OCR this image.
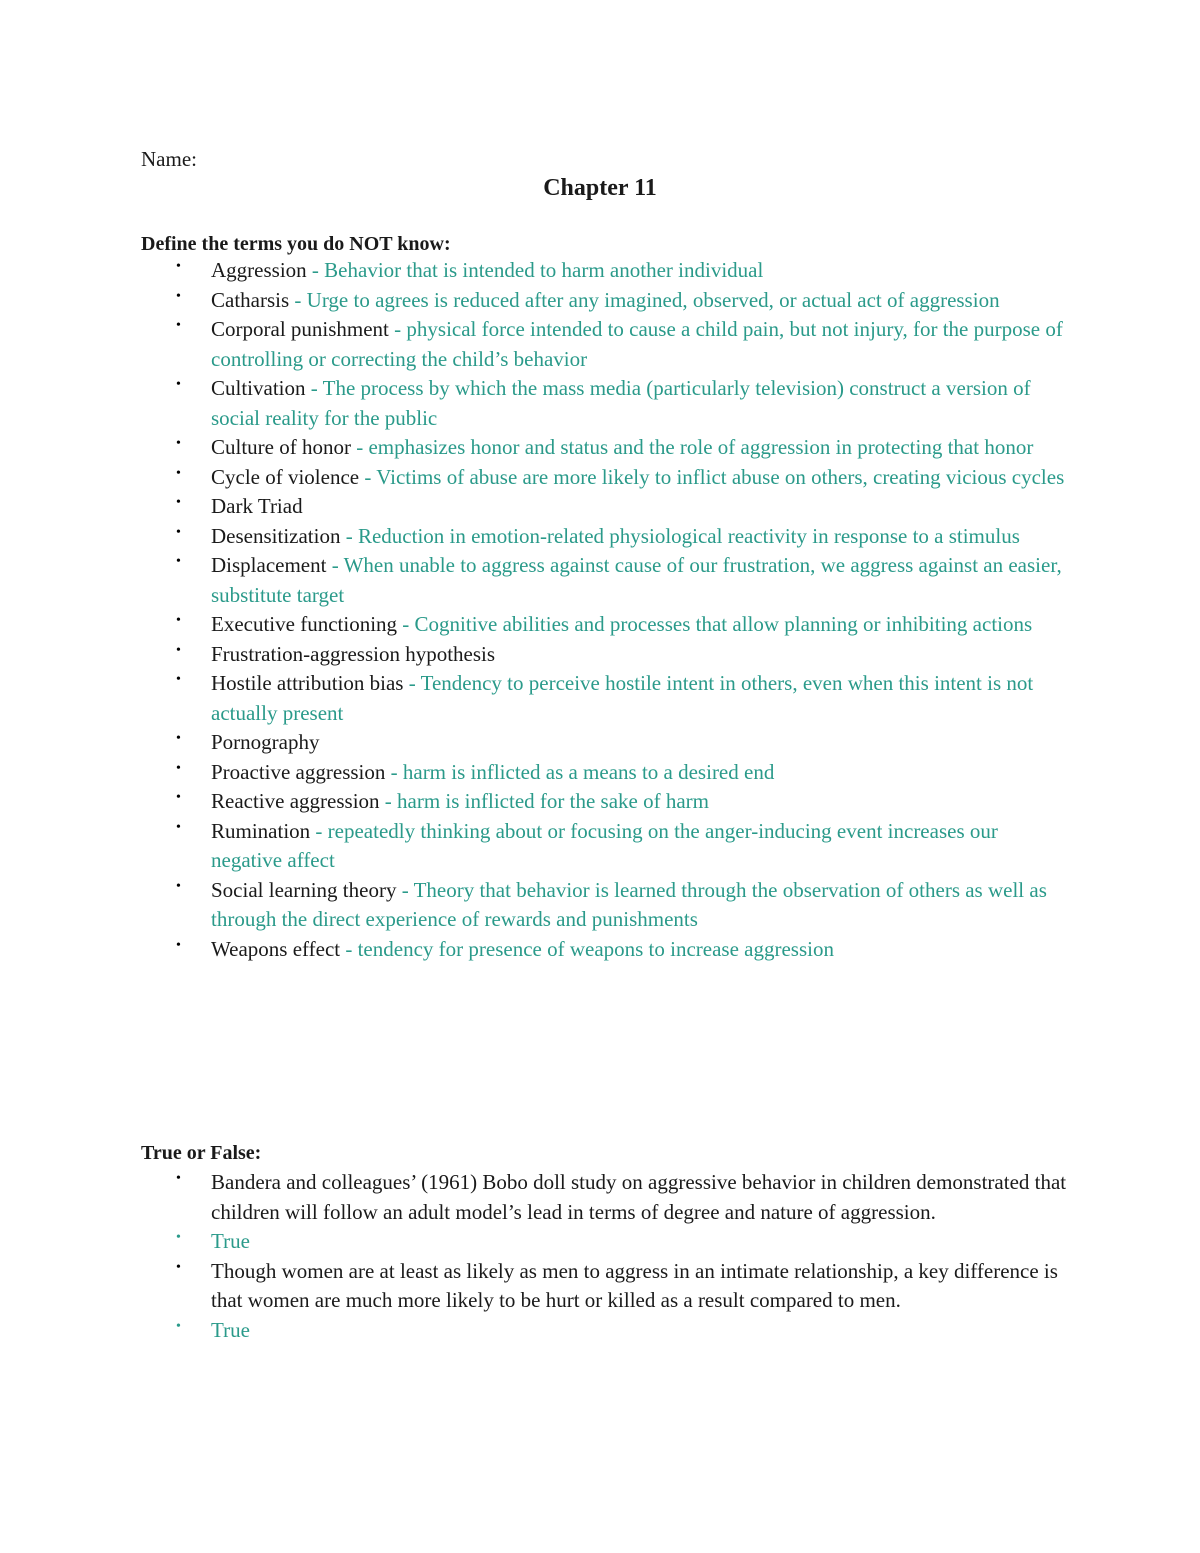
Name:
Chapter 11
Define the terms you do NOT know:
• Aggression - Behavior that is intended to harm another individual
• Catharsis - Urge to agrees is reduced after any imagined, observed, or actual act of aggression
• Corporal punishment - physical force intended to cause a child pain, but not injury, for the purpose of controlling or correcting the child’s behavior
• Cultivation - The process by which the mass media (particularly television) construct a version of social reality for the public
• Culture of honor - emphasizes honor and status and the role of aggression in protecting that honor
• Cycle of violence - Victims of abuse are more likely to inflict abuse on others, creating vicious cycles
• Dark Triad
• Desensitization - Reduction in emotion-related physiological reactivity in response to a stimulus
• Displacement - When unable to aggress against cause of our frustration, we aggress against an easier, substitute target
• Executive functioning - Cognitive abilities and processes that allow planning or inhibiting actions
• Frustration-aggression hypothesis
• Hostile attribution bias - Tendency to perceive hostile intent in others, even when this intent is not actually present
• Pornography
• Proactive aggression - harm is inflicted as a means to a desired end
• Reactive aggression - harm is inflicted for the sake of harm
• Rumination - repeatedly thinking about or focusing on the anger-inducing event increases our negative affect
• Social learning theory - Theory that behavior is learned through the observation of others as well as through the direct experience of rewards and punishments
• Weapons effect - tendency for presence of weapons to increase aggression
True or False:
• Bandera and colleagues’ (1961) Bobo doll study on aggressive behavior in children demonstrated that children will follow an adult model’s lead in terms of degree and nature of aggression.
• True
• Though women are at least as likely as men to aggress in an intimate relationship, a key difference is that women are much more likely to be hurt or killed as a result compared to men.
• True
